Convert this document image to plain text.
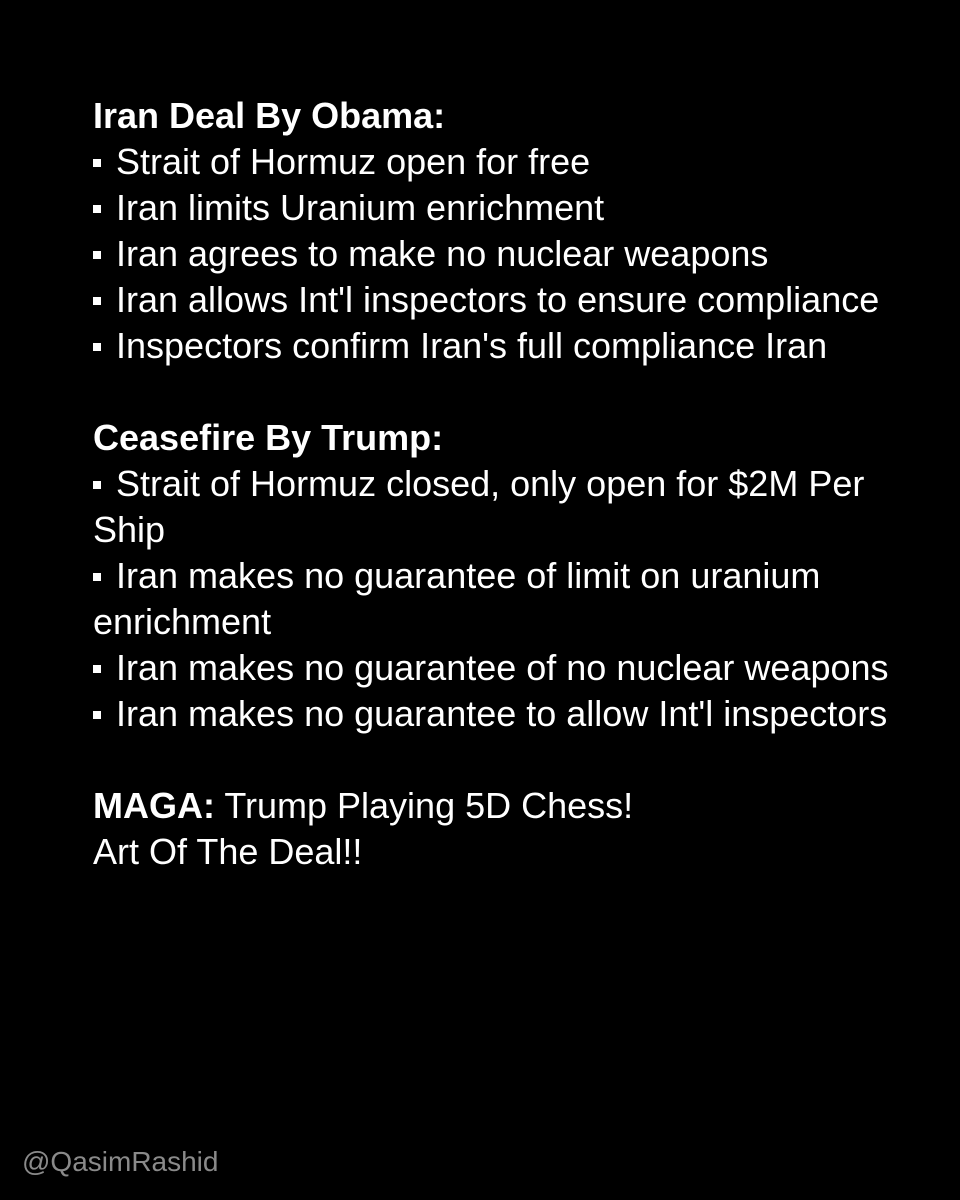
Iran Deal By Obama:

Strait of Hormuz open for free
Iran limits Uranium enrichment
Iran agrees to make no nuclear weapons
Iran allows Int'l inspectors to ensure compliance
Inspectors confirm Iran's full compliance Iran

Ceasefire By Trump:

Strait of Hormuz closed, only open for $2M Per Ship
Iran makes no guarantee of limit on uranium enrichment
Iran makes no guarantee of no nuclear weapons
Iran makes no guarantee to allow Int'l inspectors
MAGA: Trump Playing 5D Chess!
Art Of The Deal!!
@QasimRashid
